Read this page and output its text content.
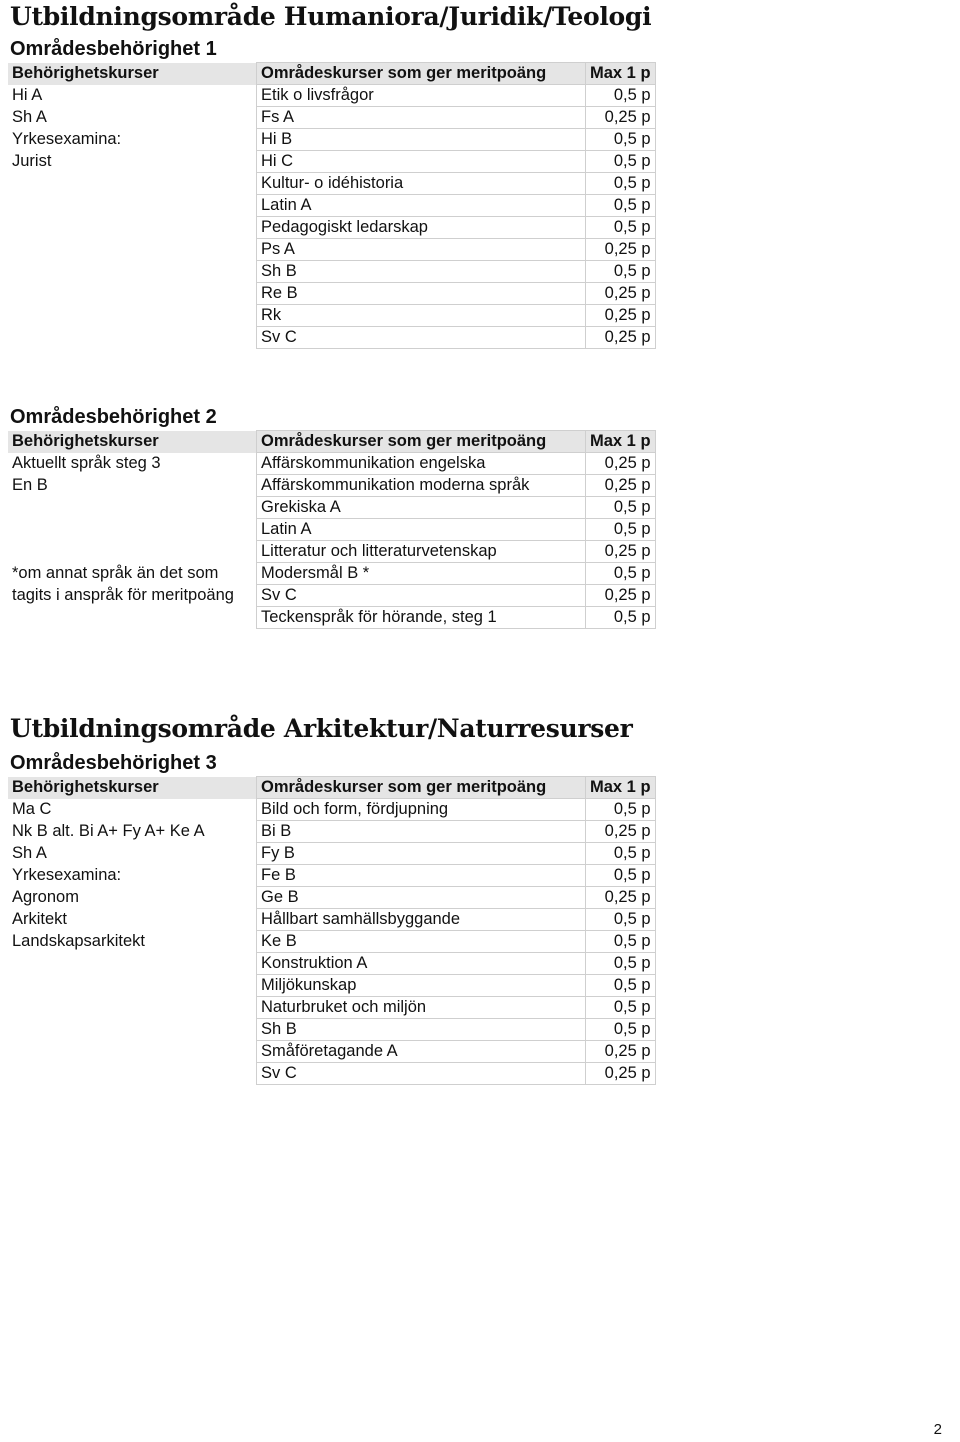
Utbildningsområde Humaniora/Juridik/Teologi
Områdesbehörighet 1
Behörighetskurser	Områdeskurser som ger meritpoäng	Max 1 p
Hi A	Etik o livsfrågor	0,5 p
Sh A	Fs A	0,25 p
Yrkesexamina:	Hi B	0,5 p
Jurist	Hi C	0,5 p
	Kultur- o idéhistoria	0,5 p
	Latin A	0,5 p
	Pedagogiskt ledarskap	0,5 p
	Ps A	0,25 p
	Sh B	0,5 p
	Re B	0,25 p
	Rk	0,25 p
	Sv C	0,25 p
Områdesbehörighet 2
Behörighetskurser	Områdeskurser som ger meritpoäng	Max 1 p
Aktuellt språk steg 3	Affärskommunikation engelska	0,25 p
En B	Affärskommunikation moderna språk	0,25 p
	Grekiska A	0,5 p
	Latin A	0,5 p
	Litteratur och litteraturvetenskap	0,25 p
*om annat språk än det som	Modersmål B *	0,5 p
tagits i anspråk för meritpoäng	Sv C	0,25 p
	Teckenspråk för hörande, steg 1	0,5 p
Utbildningsområde Arkitektur/Naturresurser
Områdesbehörighet 3
Behörighetskurser	Områdeskurser som ger meritpoäng	Max 1 p
Ma C	Bild och form, fördjupning	0,5 p
Nk B alt. Bi A+ Fy A+ Ke A	Bi B	0,25 p
Sh A	Fy B	0,5 p
Yrkesexamina:	Fe B	0,5 p
Agronom	Ge B	0,25 p
Arkitekt	Hållbart samhällsbyggande	0,5 p
Landskapsarkitekt	Ke B	0,5 p
	Konstruktion A	0,5 p
	Miljökunskap	0,5 p
	Naturbruket och miljön	0,5 p
	Sh B	0,5 p
	Småföretagande A	0,25 p
	Sv C	0,25 p
2
